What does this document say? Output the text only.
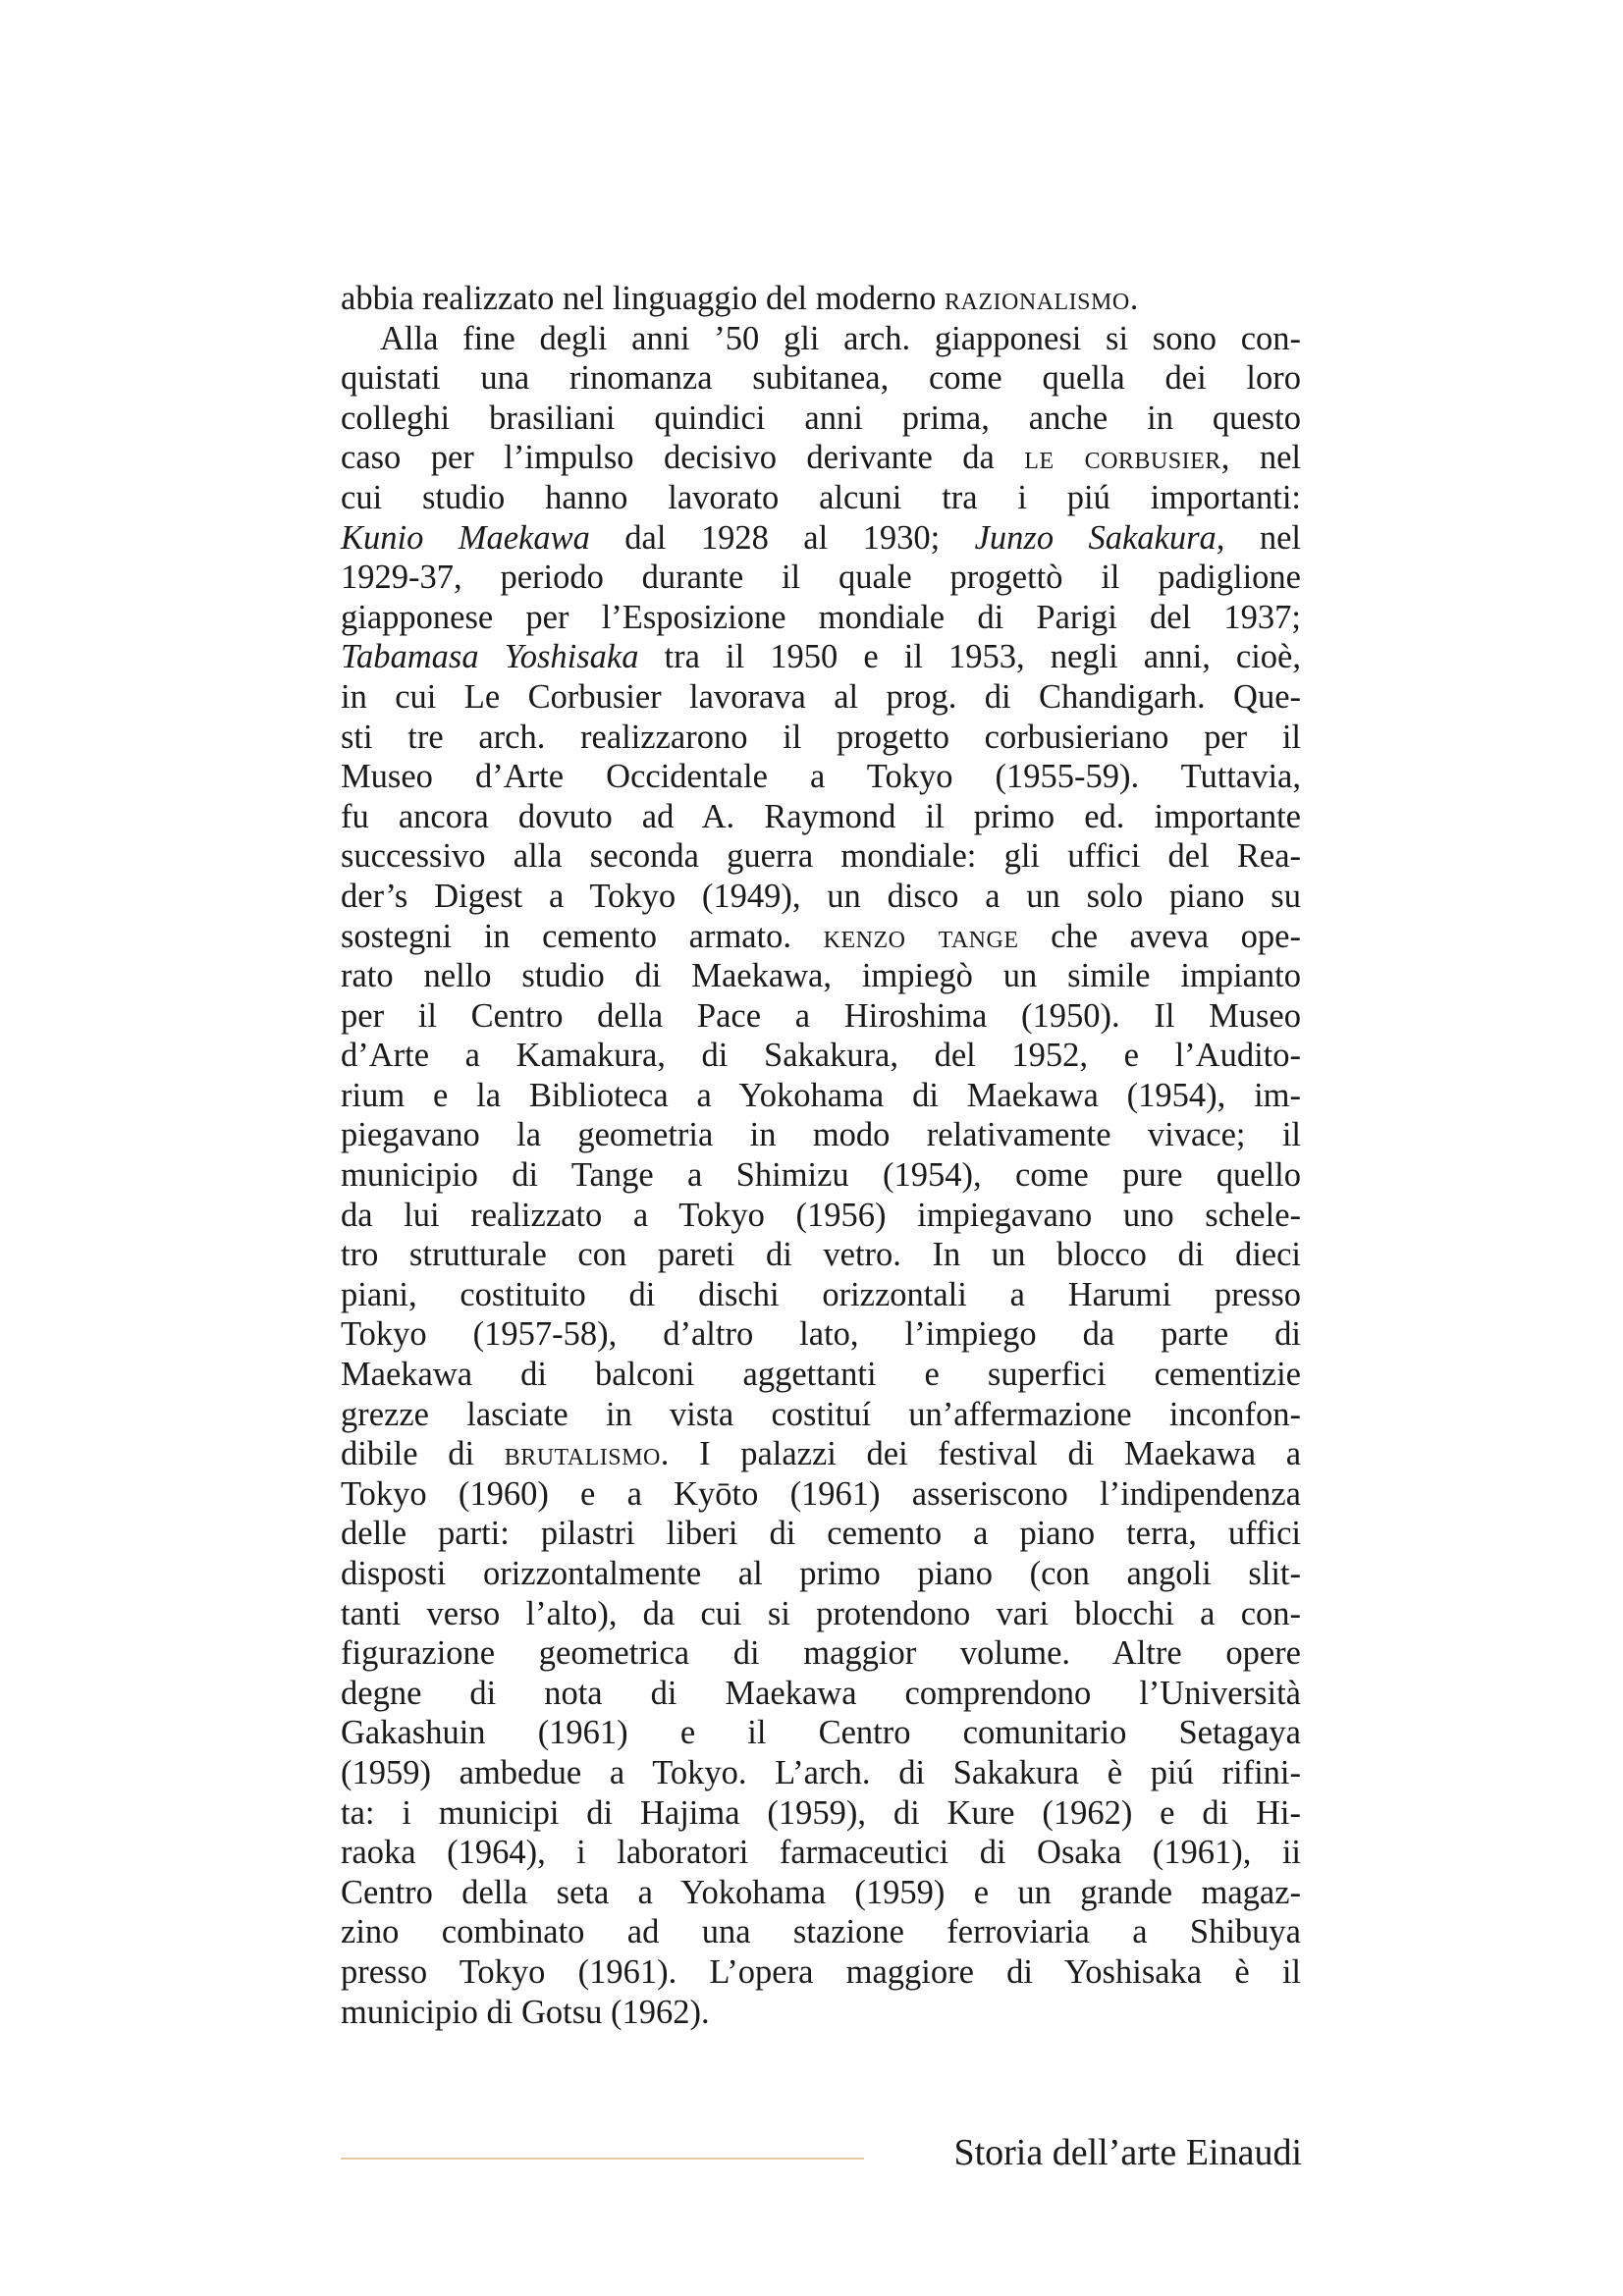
abbia realizzato nel linguaggio del moderno razionalismo.
Alla fine degli anni ’50 gli arch. giapponesi si sono con-
quistati una rinomanza subitanea, come quella dei loro
colleghi brasiliani quindici anni prima, anche in questo
caso per l’impulso decisivo derivante da le corbusier, nel
cui studio hanno lavorato alcuni tra i piú importanti:
Kunio Maekawa dal 1928 al 1930; Junzo Sakakura, nel
1929-37, periodo durante il quale progettò il padiglione
giapponese per l’Esposizione mondiale di Parigi del 1937;
Tabamasa Yoshisaka tra il 1950 e il 1953, negli anni, cioè,
in cui Le Corbusier lavorava al prog. di Chandigarh. Que-
sti tre arch. realizzarono il progetto corbusieriano per il
Museo d’Arte Occidentale a Tokyo (1955-59). Tuttavia,
fu ancora dovuto ad A. Raymond il primo ed. importante
successivo alla seconda guerra mondiale: gli uffici del Rea-
der’s Digest a Tokyo (1949), un disco a un solo piano su
sostegni in cemento armato. kenzo tange che aveva ope-
rato nello studio di Maekawa, impiegò un simile impianto
per il Centro della Pace a Hiroshima (1950). Il Museo
d’Arte a Kamakura, di Sakakura, del 1952, e l’Audito-
rium e la Biblioteca a Yokohama di Maekawa (1954), im-
piegavano la geometria in modo relativamente vivace; il
municipio di Tange a Shimizu (1954), come pure quello
da lui realizzato a Tokyo (1956) impiegavano uno schele-
tro strutturale con pareti di vetro. In un blocco di dieci
piani, costituito di dischi orizzontali a Harumi presso
Tokyo (1957-58), d’altro lato, l’impiego da parte di
Maekawa di balconi aggettanti e superfici cementizie
grezze lasciate in vista costituí un’affermazione inconfon-
dibile di brutalismo. I palazzi dei festival di Maekawa a
Tokyo (1960) e a Kyōto (1961) asseriscono l’indipendenza
delle parti: pilastri liberi di cemento a piano terra, uffici
disposti orizzontalmente al primo piano (con angoli slit-
tanti verso l’alto), da cui si protendono vari blocchi a con-
figurazione geometrica di maggior volume. Altre opere
degne di nota di Maekawa comprendono l’Università
Gakashuin (1961) e il Centro comunitario Setagaya
(1959) ambedue a Tokyo. L’arch. di Sakakura è piú rifini-
ta: i municipi di Hajima (1959), di Kure (1962) e di Hi-
raoka (1964), i laboratori farmaceutici di Osaka (1961), ii
Centro della seta a Yokohama (1959) e un grande magaz-
zino combinato ad una stazione ferroviaria a Shibuya
presso Tokyo (1961). L’opera maggiore di Yoshisaka è il
municipio di Gotsu (1962).
Storia dell’arte Einaudi
